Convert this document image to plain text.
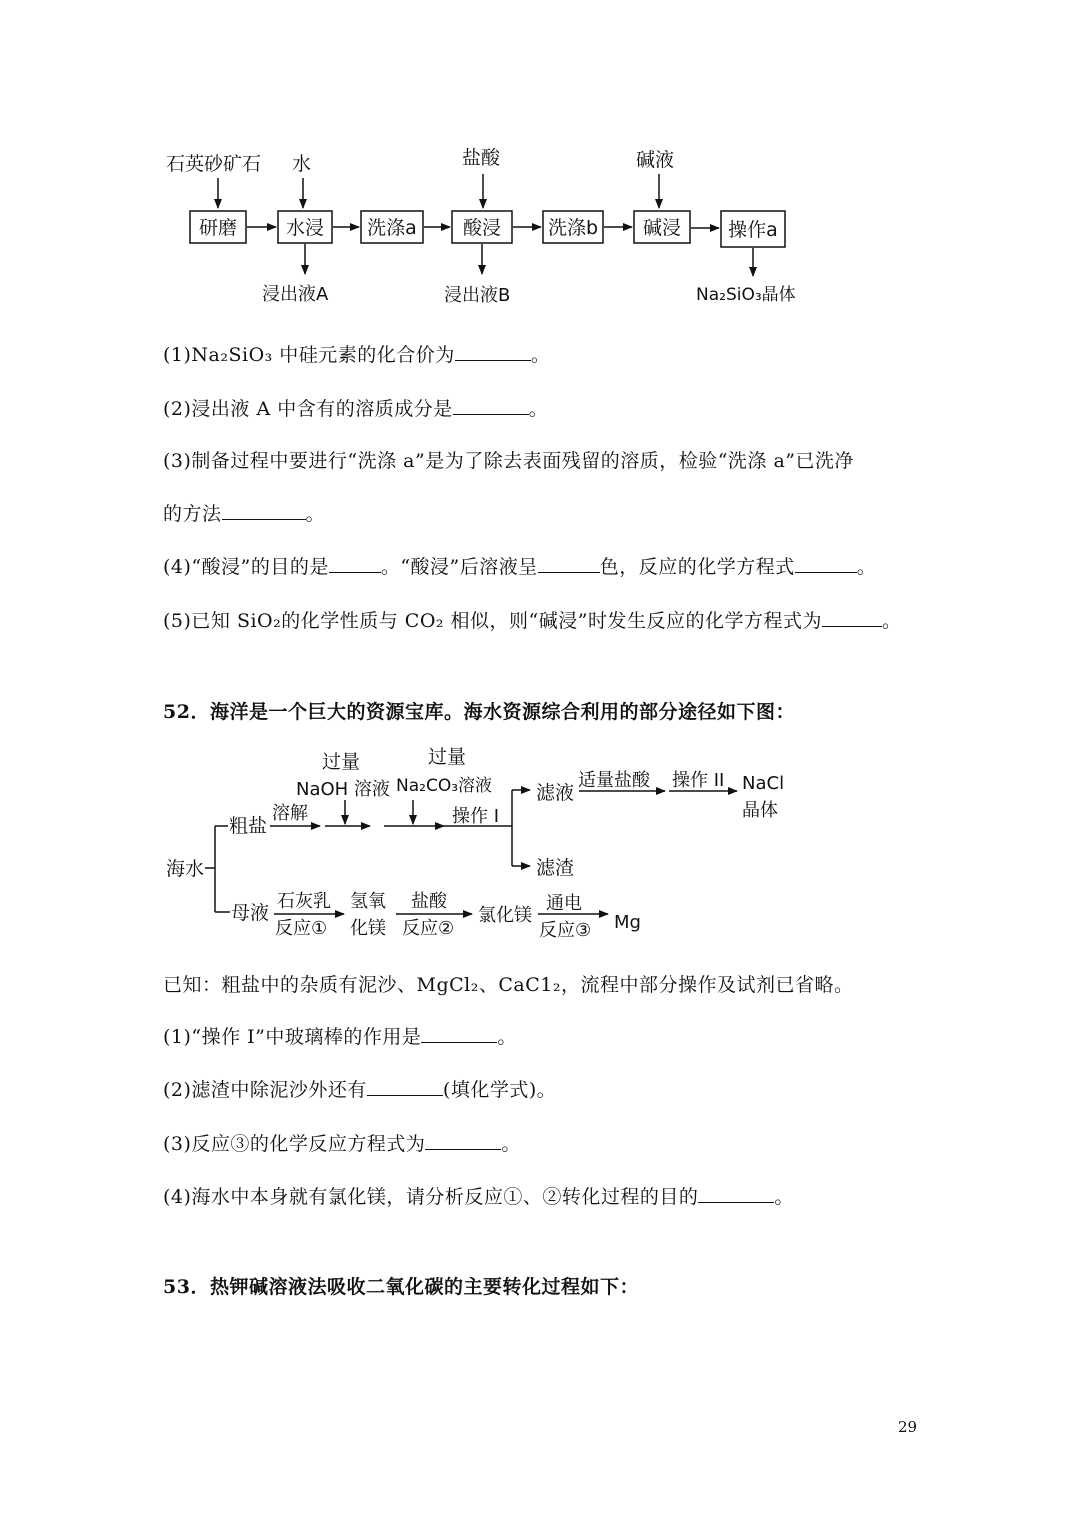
石英砂矿石 水	盐酸	碱液
研磨	水浸 洗涤a 酸浸 洗涤b 碱浸 操作a
浸出液A	浸出液B	Na₂SiO₃晶体
海水
粗盐
母液
溶解
过量
NaOH 溶液
过量
Na₂CO₃溶液
操作 I
滤液
滤渣
适量盐酸 操作 II NaCl
晶体
石灰乳
反应①
氢氧
化镁
盐酸
反应②
氯化镁
通电
反应③ Mg
(1)Na₂SiO₃ 中硅元素的化合价为	。
(2)浸出液 A 中含有的溶质成分是	。
(3)制备过程中要进行“洗涤 a”是为了除去表面残留的溶质，检验“洗涤 a”已洗净
的方法	。
(4)“酸浸”的目的是	。“酸浸”后溶液呈	色，反应的化学方程式	。
(5)已知 SiO₂的化学性质与 CO₂ 相似，则“碱浸”时发生反应的化学方程式为	。
52．海洋是一个巨大的资源宝库。海水资源综合利用的部分途径如下图：
已知：粗盐中的杂质有泥沙、MgCl₂、CaC1₂，流程中部分操作及试剂已省略。
(1)“操作 I”中玻璃棒的作用是	。
(2)滤渣中除泥沙外还有	(填化学式)。
(3)反应③的化学反应方程式为	。
(4)海水中本身就有氯化镁，请分析反应①、②转化过程的目的	。
53．热钾碱溶液法吸收二氧化碳的主要转化过程如下：
29
